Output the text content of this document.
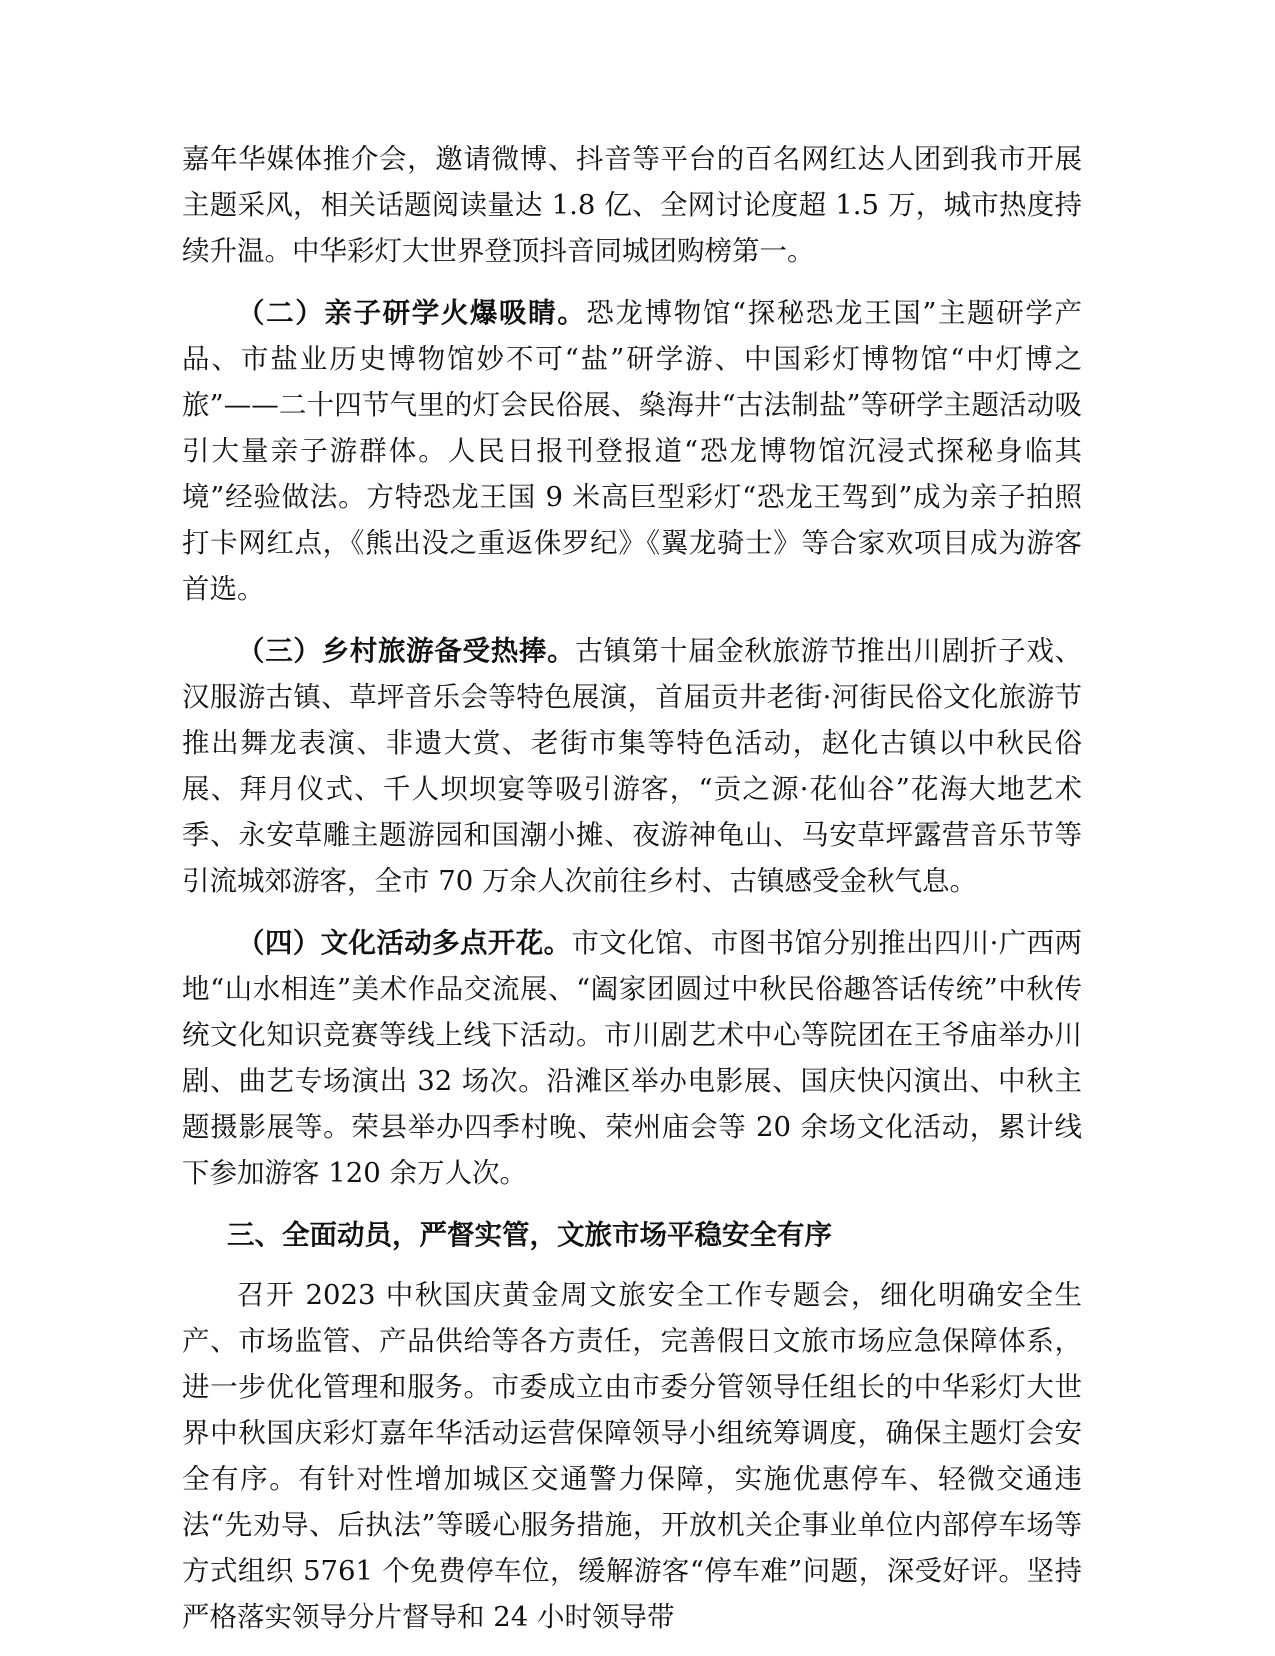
嘉年华媒体推介会，邀请微博、抖音等平台的百名网红达人团到我市开展主题采风，相关话题阅读量达 1.8 亿、全网讨论度超 1.5 万，城市热度持续升温。中华彩灯大世界登顶抖音同城团购榜第一。

（二）亲子研学火爆吸睛。恐龙博物馆“探秘恐龙王国”主题研学产品、市盐业历史博物馆妙不可“盐”研学游、中国彩灯博物馆“中灯博之旅”——二十四节气里的灯会民俗展、燊海井“古法制盐”等研学主题活动吸引大量亲子游群体。人民日报刊登报道“恐龙博物馆沉浸式探秘身临其境”经验做法。方特恐龙王国 9 米高巨型彩灯“恐龙王驾到”成为亲子拍照打卡网红点，《熊出没之重返侏罗纪》《翼龙骑士》等合家欢项目成为游客首选。

（三）乡村旅游备受热捧。古镇第十届金秋旅游节推出川剧折子戏、汉服游古镇、草坪音乐会等特色展演，首届贡井老街·河街民俗文化旅游节推出舞龙表演、非遗大赏、老街市集等特色活动，赵化古镇以中秋民俗展、拜月仪式、千人坝坝宴等吸引游客，“贡之源·花仙谷”花海大地艺术季、永安草雕主题游园和国潮小摊、夜游神龟山、马安草坪露营音乐节等引流城郊游客，全市 70 万余人次前往乡村、古镇感受金秋气息。

（四）文化活动多点开花。市文化馆、市图书馆分别推出四川·广西两地“山水相连”美术作品交流展、“阖家团圆过中秋民俗趣答话传统”中秋传统文化知识竞赛等线上线下活动。市川剧艺术中心等院团在王爷庙举办川剧、曲艺专场演出 32 场次。沿滩区举办电影展、国庆快闪演出、中秋主题摄影展等。荣县举办四季村晚、荣州庙会等 20 余场文化活动，累计线下参加游客 120 余万人次。

三、全面动员，严督实管，文旅市场平稳安全有序

召开 2023 中秋国庆黄金周文旅安全工作专题会，细化明确安全生产、市场监管、产品供给等各方责任，完善假日文旅市场应急保障体系，进一步优化管理和服务。市委成立由市委分管领导任组长的中华彩灯大世界中秋国庆彩灯嘉年华活动运营保障领导小组统筹调度，确保主题灯会安全有序。有针对性增加城区交通警力保障，实施优惠停车、轻微交通违法“先劝导、后执法”等暖心服务措施，开放机关企事业单位内部停车场等方式组织 5761 个免费停车位，缓解游客“停车难”问题，深受好评。坚持严格落实领导分片督导和 24 小时领导带
